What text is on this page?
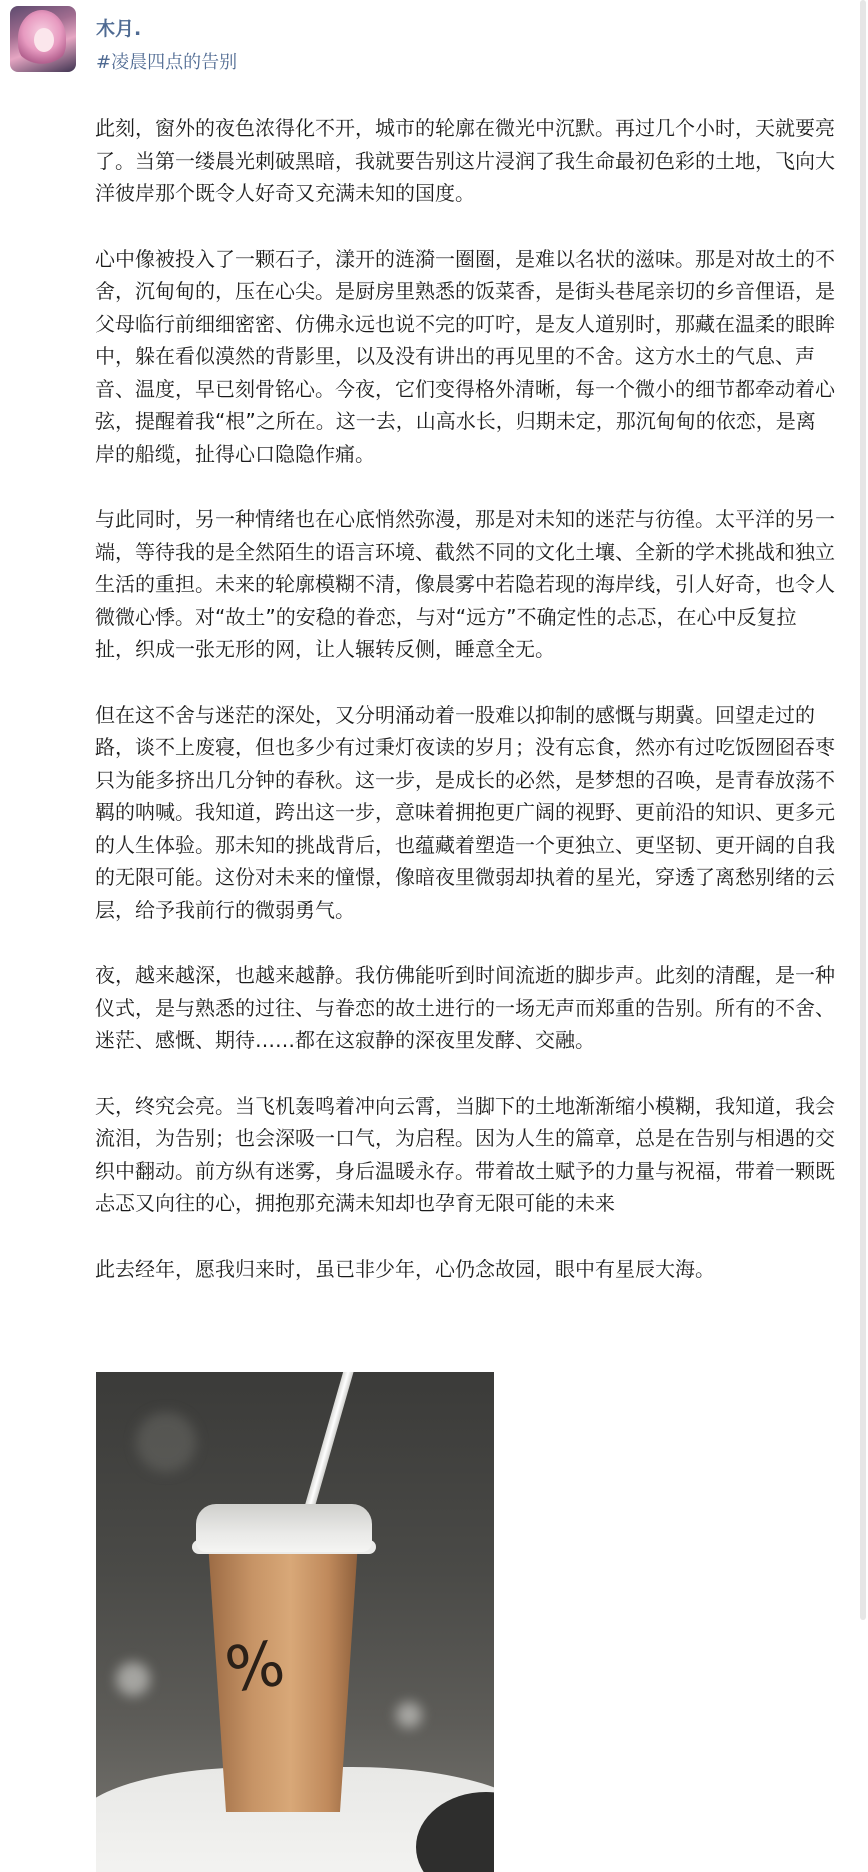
木月.
#凌晨四点的告别

此刻，窗外的夜色浓得化不开，城市的轮廓在微光中沉默。再过几个小时，天就要亮了。当第一缕晨光刺破黑暗，我就要告别这片浸润了我生命最初色彩的土地，飞向大洋彼岸那个既令人好奇又充满未知的国度。

心中像被投入了一颗石子，漾开的涟漪一圈圈，是难以名状的滋味。那是对故土的不舍，沉甸甸的，压在心尖。是厨房里熟悉的饭菜香，是街头巷尾亲切的乡音俚语，是父母临行前细细密密、仿佛永远也说不完的叮咛，是友人道别时，那藏在温柔的眼眸中，躲在看似漠然的背影里，以及没有讲出的再见里的不舍。这方水土的气息、声音、温度，早已刻骨铭心。今夜，它们变得格外清晰，每一个微小的细节都牵动着心弦，提醒着我“根”之所在。这一去，山高水长，归期未定，那沉甸甸的依恋，是离岸的船缆，扯得心口隐隐作痛。

与此同时，另一种情绪也在心底悄然弥漫，那是对未知的迷茫与彷徨。太平洋的另一端，等待我的是全然陌生的语言环境、截然不同的文化土壤、全新的学术挑战和独立生活的重担。未来的轮廓模糊不清，像晨雾中若隐若现的海岸线，引人好奇，也令人微微心悸。对“故土”的安稳的眷恋，与对“远方”不确定性的忐忑，在心中反复拉扯，织成一张无形的网，让人辗转反侧，睡意全无。

但在这不舍与迷茫的深处，又分明涌动着一股难以抑制的感慨与期冀。回望走过的路，谈不上废寝，但也多少有过秉灯夜读的岁月；没有忘食，然亦有过吃饭囫囵吞枣只为能多挤出几分钟的春秋。这一步，是成长的必然，是梦想的召唤，是青春放荡不羁的呐喊。我知道，跨出这一步，意味着拥抱更广阔的视野、更前沿的知识、更多元的人生体验。那未知的挑战背后，也蕴藏着塑造一个更独立、更坚韧、更开阔的自我的无限可能。这份对未来的憧憬，像暗夜里微弱却执着的星光，穿透了离愁别绪的云层，给予我前行的微弱勇气。

夜，越来越深，也越来越静。我仿佛能听到时间流逝的脚步声。此刻的清醒，是一种仪式，是与熟悉的过往、与眷恋的故土进行的一场无声而郑重的告别。所有的不舍、迷茫、感慨、期待……都在这寂静的深夜里发酵、交融。

天，终究会亮。当飞机轰鸣着冲向云霄，当脚下的土地渐渐缩小模糊，我知道，我会流泪，为告别；也会深吸一口气，为启程。因为人生的篇章，总是在告别与相遇的交织中翻动。前方纵有迷雾，身后温暖永存。带着故土赋予的力量与祝福，带着一颗既忐忑又向往的心，拥抱那充满未知却也孕育无限可能的未来

此去经年，愿我归来时，虽已非少年，心仍念故园，眼中有星辰大海。

%
